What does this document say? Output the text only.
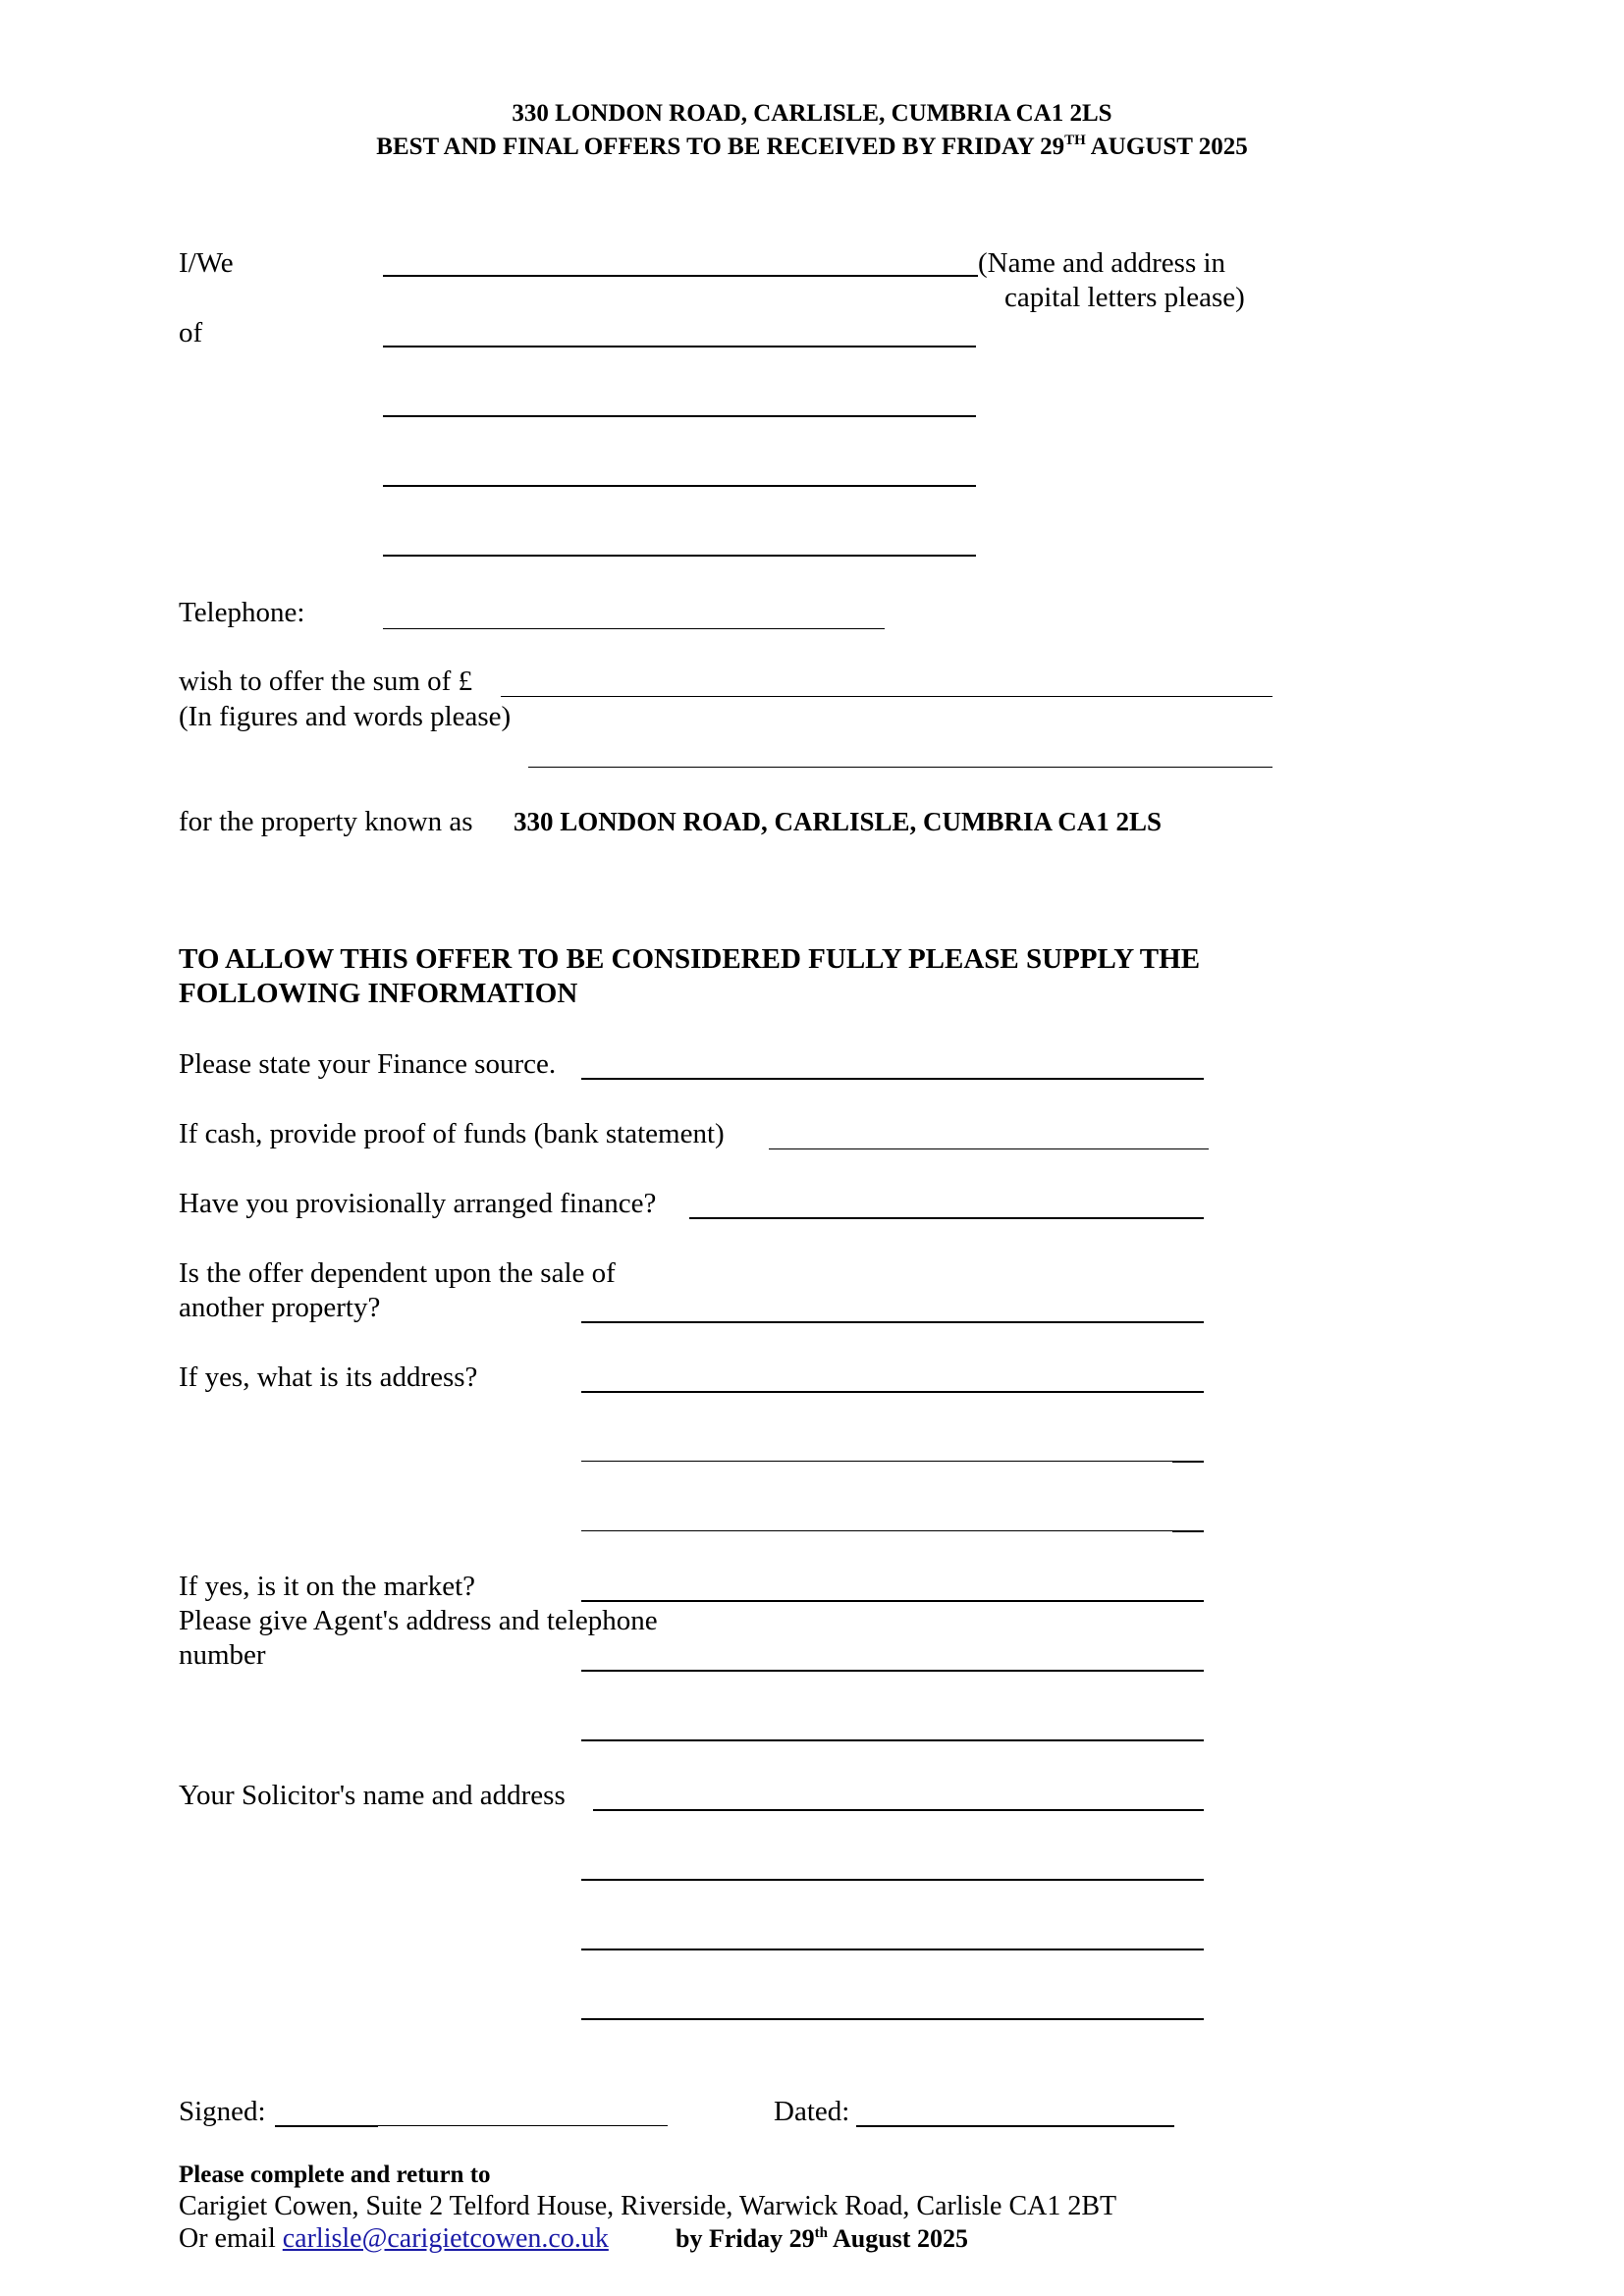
330 LONDON ROAD, CARLISLE, CUMBRIA CA1 2LS
BEST AND FINAL OFFERS TO BE RECEIVED BY FRIDAY 29TH AUGUST 2025
I/We	(Name and address in
capital letters please)
of
Telephone:
wish to offer the sum of £
(In figures and words please)
for the property known as 330 LONDON ROAD, CARLISLE, CUMBRIA CA1 2LS
TO ALLOW THIS OFFER TO BE CONSIDERED FULLY PLEASE SUPPLY THE
FOLLOWING INFORMATION
Please state your Finance source.
If cash, provide proof of funds (bank statement)
Have you provisionally arranged finance?
Is the offer dependent upon the sale of
another property?
If yes, what is its address?
If yes, is it on the market?
Please give Agent's address and telephone
number
Your Solicitor's name and address
Signed:	Dated:
Please complete and return to
Carigiet Cowen, Suite 2 Telford House, Riverside, Warwick Road, Carlisle CA1 2BT
Or email carlisle@carigietcowen.co.uk	by Friday 29th August 2025
